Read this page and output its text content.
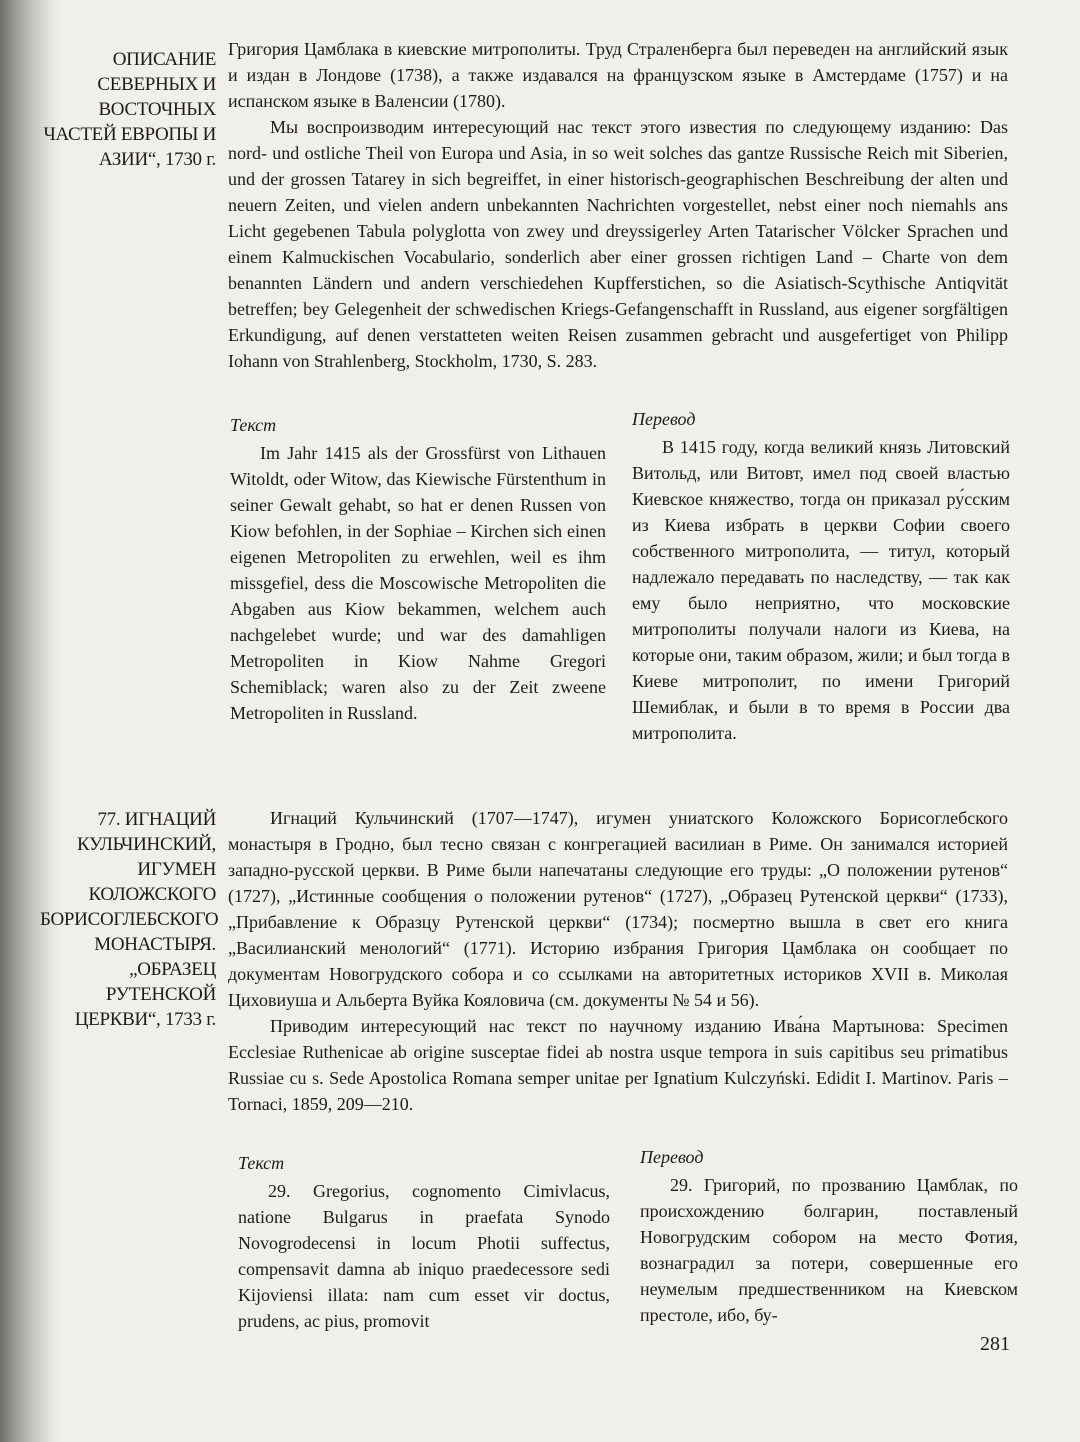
ОПИСАНИЕ СЕВЕРНЫХ И ВОСТОЧНЫХ ЧАСТЕЙ ЕВРОПЫ И АЗИИ“, 1730 г.

Григория Цамблака в киевские митрополиты. Труд Страленберга был переведен на английский язык и издан в Лондове (1738), а также издавался на французском языке в Амстердаме (1757) и на испанском языке в Валенсии (1780).

Мы воспроизводим интересующий нас текст этого известия по следующему изданию: Das nord- und ostliche Theil von Europa und Asia, in so weit solches das gantze Russische Reich mit Siberien, und der grossen Tatarey in sich begreiffet, in einer historisch-geographischen Beschreibung der alten und neuern Zeiten, und vielen andern unbekannten Nachrichten vorgestellet, nebst einer noch niemahls ans Licht gegebenen Tabula polyglotta von zwey und dreyssigerley Arten Tatarischer Völcker Sprachen und einem Kalmuckischen Vocabulario, sonderlich aber einer grossen richtigen Land – Charte von dem benannten Ländern und andern verschiedehen Kupfferstichen, so die Asiatisch-Scythische Antiqvität betreffen; bey Gelegenheit der schwedischen Kriegs-Gefangenschafft in Russland, aus eigener sorgfältigen Erkundigung, auf denen verstatteten weiten Reisen zusammen gebracht und ausgefertiget von Philipp Iohann von Strahlenberg, Stockholm, 1730, S. 283.

Текст

Im Jahr 1415 als der Grossfürst von Lithauen Witoldt, oder Witow, das Kiewische Fürstenthum in seiner Gewalt gehabt, so hat er denen Russen von Kiow befohlen, in der Sophiae – Kirchen sich einen eigenen Metropoliten zu erwehlen, weil es ihm missgefiel, dess die Moscowische Metropoliten die Abgaben aus Kiow bekammen, welchem auch nachgelebet wurde; und war des damahligen Metropoliten in Kiow Nahme Gregori Schemiblack; waren also zu der Zeit zweene Metropoliten in Russland.

Перевод

В 1415 году, когда великий князь Литовский Витольд, или Витовт, имел под своей властью Киевское княжество, тогда он приказал ру́сским из Киева избрать в церкви Софии своего собственного митрополита, — титул, который надлежало передавать по наследству, — так как ему было неприятно, что московские митрополиты получали налоги из Киева, на которые они, таким образом, жили; и был тогда в Киеве митрополит, по имени Григорий Шемиблак, и были в то время в России два митрополита.

77. ИГНАЦИЙ КУЛЬЧИНСКИЙ, ИГУМЕН КОЛОЖСКОГО БОРИСОГЛЕБСКОГО МОНАСТЫРЯ. „ОБРАЗЕЦ РУТЕНСКОЙ ЦЕРКВИ“, 1733 г.

Игнаций Кульчинский (1707—1747), игумен униатского Коложского Борисоглебского монастыря в Гродно, был тесно связан с конгрегацией василиан в Риме. Он занимался историей западно-русской церкви. В Риме были напечатаны следующие его труды: „О положении рутенов“ (1727), „Истинные сообщения о положении рутенов“ (1727), „Образец Рутенской церкви“ (1733), „Прибавление к Образцу Рутенской церкви“ (1734); посмертно вышла в свет его книга „Василианский менологий“ (1771). Историю избрания Григория Цамблака он сообщает по документам Новогрудского собора и со ссылками на авторитетных историков XVII в. Миколая Циховиуша и Альберта Вуйка Кояловича (см. документы № 54 и 56).

Приводим интересующий нас текст по научному изданию Ива́на Мартынова: Specimen Ecclesiae Ruthenicae ab origine susceptae fidei ab nostra usque tempora in suis capitibus seu primatibus Russiae cu s. Sede Apostolica Romana semper unitae per Ignatium Kulczyński. Edidit I. Martinov. Paris – Tornaci, 1859, 209—210.

Текст

29. Gregorius, cognomento Cimivlacus, natione Bulgarus in praefata Synodo Novogrodecensi in locum Photii suffectus, compensavit damna ab iniquo praedecessore sedi Kijoviensi illata: nam cum esset vir doctus, prudens, ac pius, promovit

Перевод

29. Григорий, по прозванию Цамблак, по происхождению болгарин, поставленый Новогрудским собором на место Фотия, вознаградил за потери, совершенные его неумелым предшественником на Киевском престоле, ибо, бу-

281
